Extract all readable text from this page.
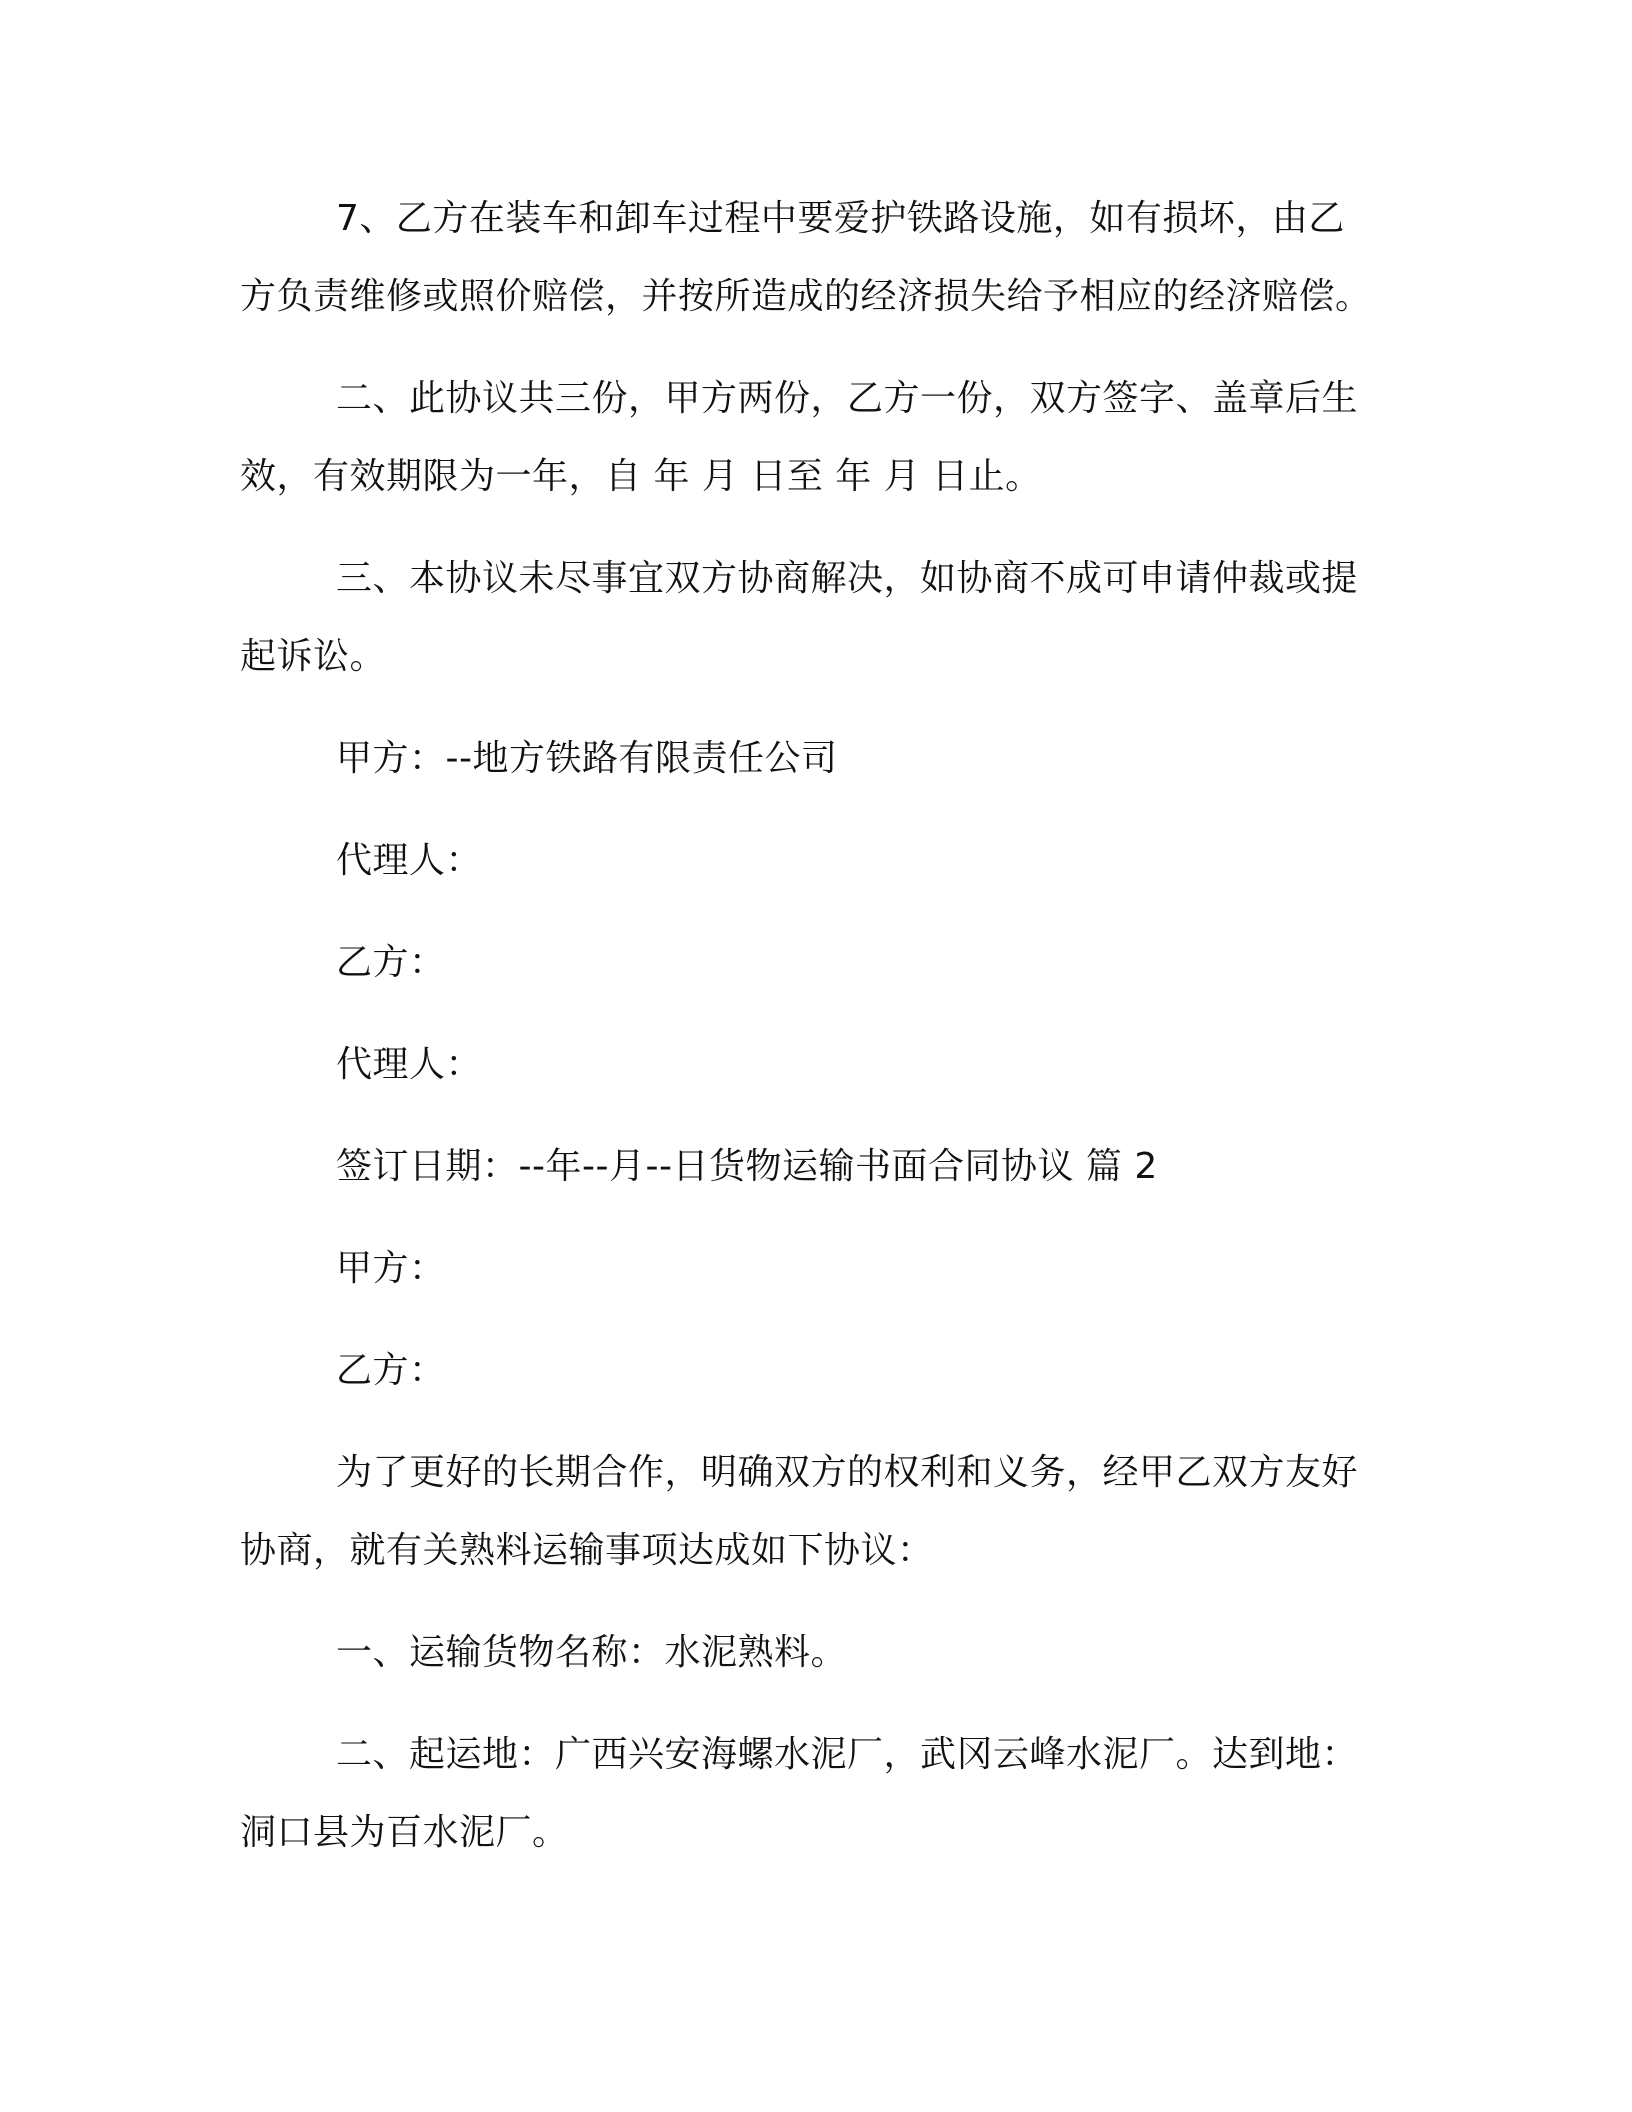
7、乙方在装车和卸车过程中要爱护铁路设施，如有损坏，由乙方负责维修或照价赔偿，并按所造成的经济损失给予相应的经济赔偿。

二、此协议共三份，甲方两份，乙方一份，双方签字、盖章后生效，有效期限为一年，自 年 月 日至 年 月 日止。

三、本协议未尽事宜双方协商解决，如协商不成可申请仲裁或提起诉讼。

甲方：--地方铁路有限责任公司

代理人：

乙方：

代理人：

签订日期：--年--月--日货物运输书面合同协议 篇 2

甲方：

乙方：

为了更好的长期合作，明确双方的权利和义务，经甲乙双方友好协商，就有关熟料运输事项达成如下协议：

一、运输货物名称：水泥熟料。

二、起运地：广西兴安海螺水泥厂，武冈云峰水泥厂。达到地：洞口县为百水泥厂。
